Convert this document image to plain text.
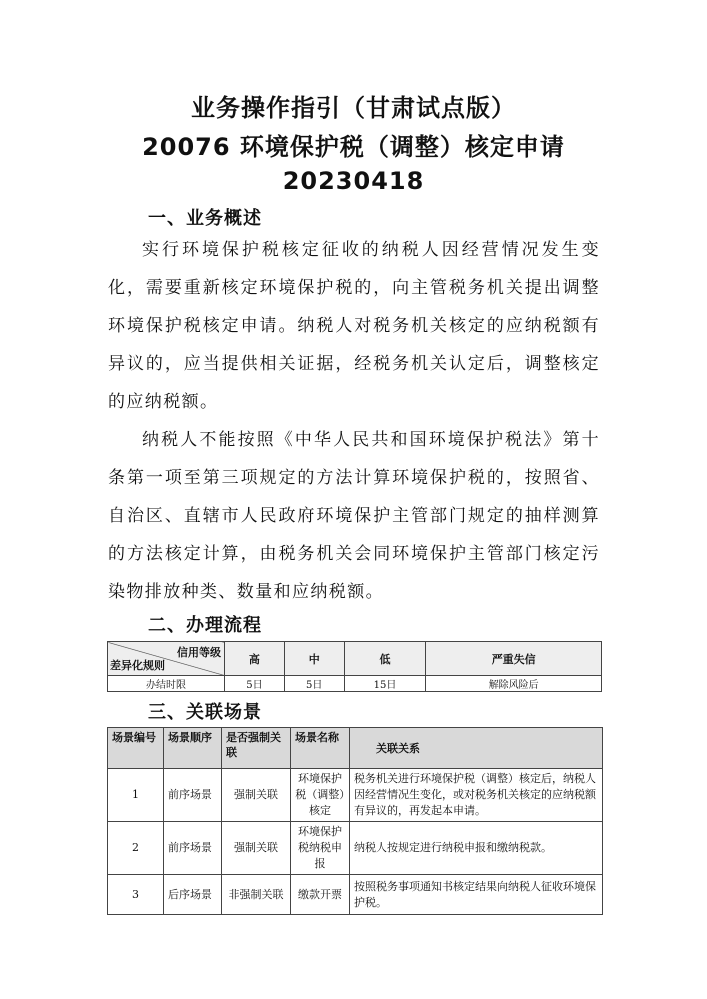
业务操作指引（甘肃试点版）
20076 环境保护税（调整）核定申请
20230418
一、业务概述

实行环境保护税核定征收的纳税人因经营情况发生变化，需要重新核定环境保护税的，向主管税务机关提出调整环境保护税核定申请。纳税人对税务机关核定的应纳税额有异议的，应当提供相关证据，经税务机关认定后，调整核定的应纳税额。

纳税人不能按照《中华人民共和国环境保护税法》第十条第一项至第三项规定的方法计算环境保护税的，按照省、自治区、直辖市人民政府环境保护主管部门规定的抽样测算的方法核定计算，由税务机关会同环境保护主管部门核定污染物排放种类、数量和应纳税额。

二、办理流程
信用等级
差异化规则	高	中	低	严重失信
办结时限	5日	5日	15日	解除风险后
三、关联场景
场景编号	场景顺序	是否强制关联	场景名称	关联关系
1	前序场景	强制关联	环境保护税（调整）核定	税务机关进行环境保护税（调整）核定后，纳税人因经营情况生变化，或对税务机关核定的应纳税额有异议的，再发起本申请。
2	前序场景	强制关联	环境保护税纳税申报	纳税人按规定进行纳税申报和缴纳税款。
3	后序场景	非强制关联	缴款开票	按照税务事项通知书核定结果向纳税人征收环境保护税。
